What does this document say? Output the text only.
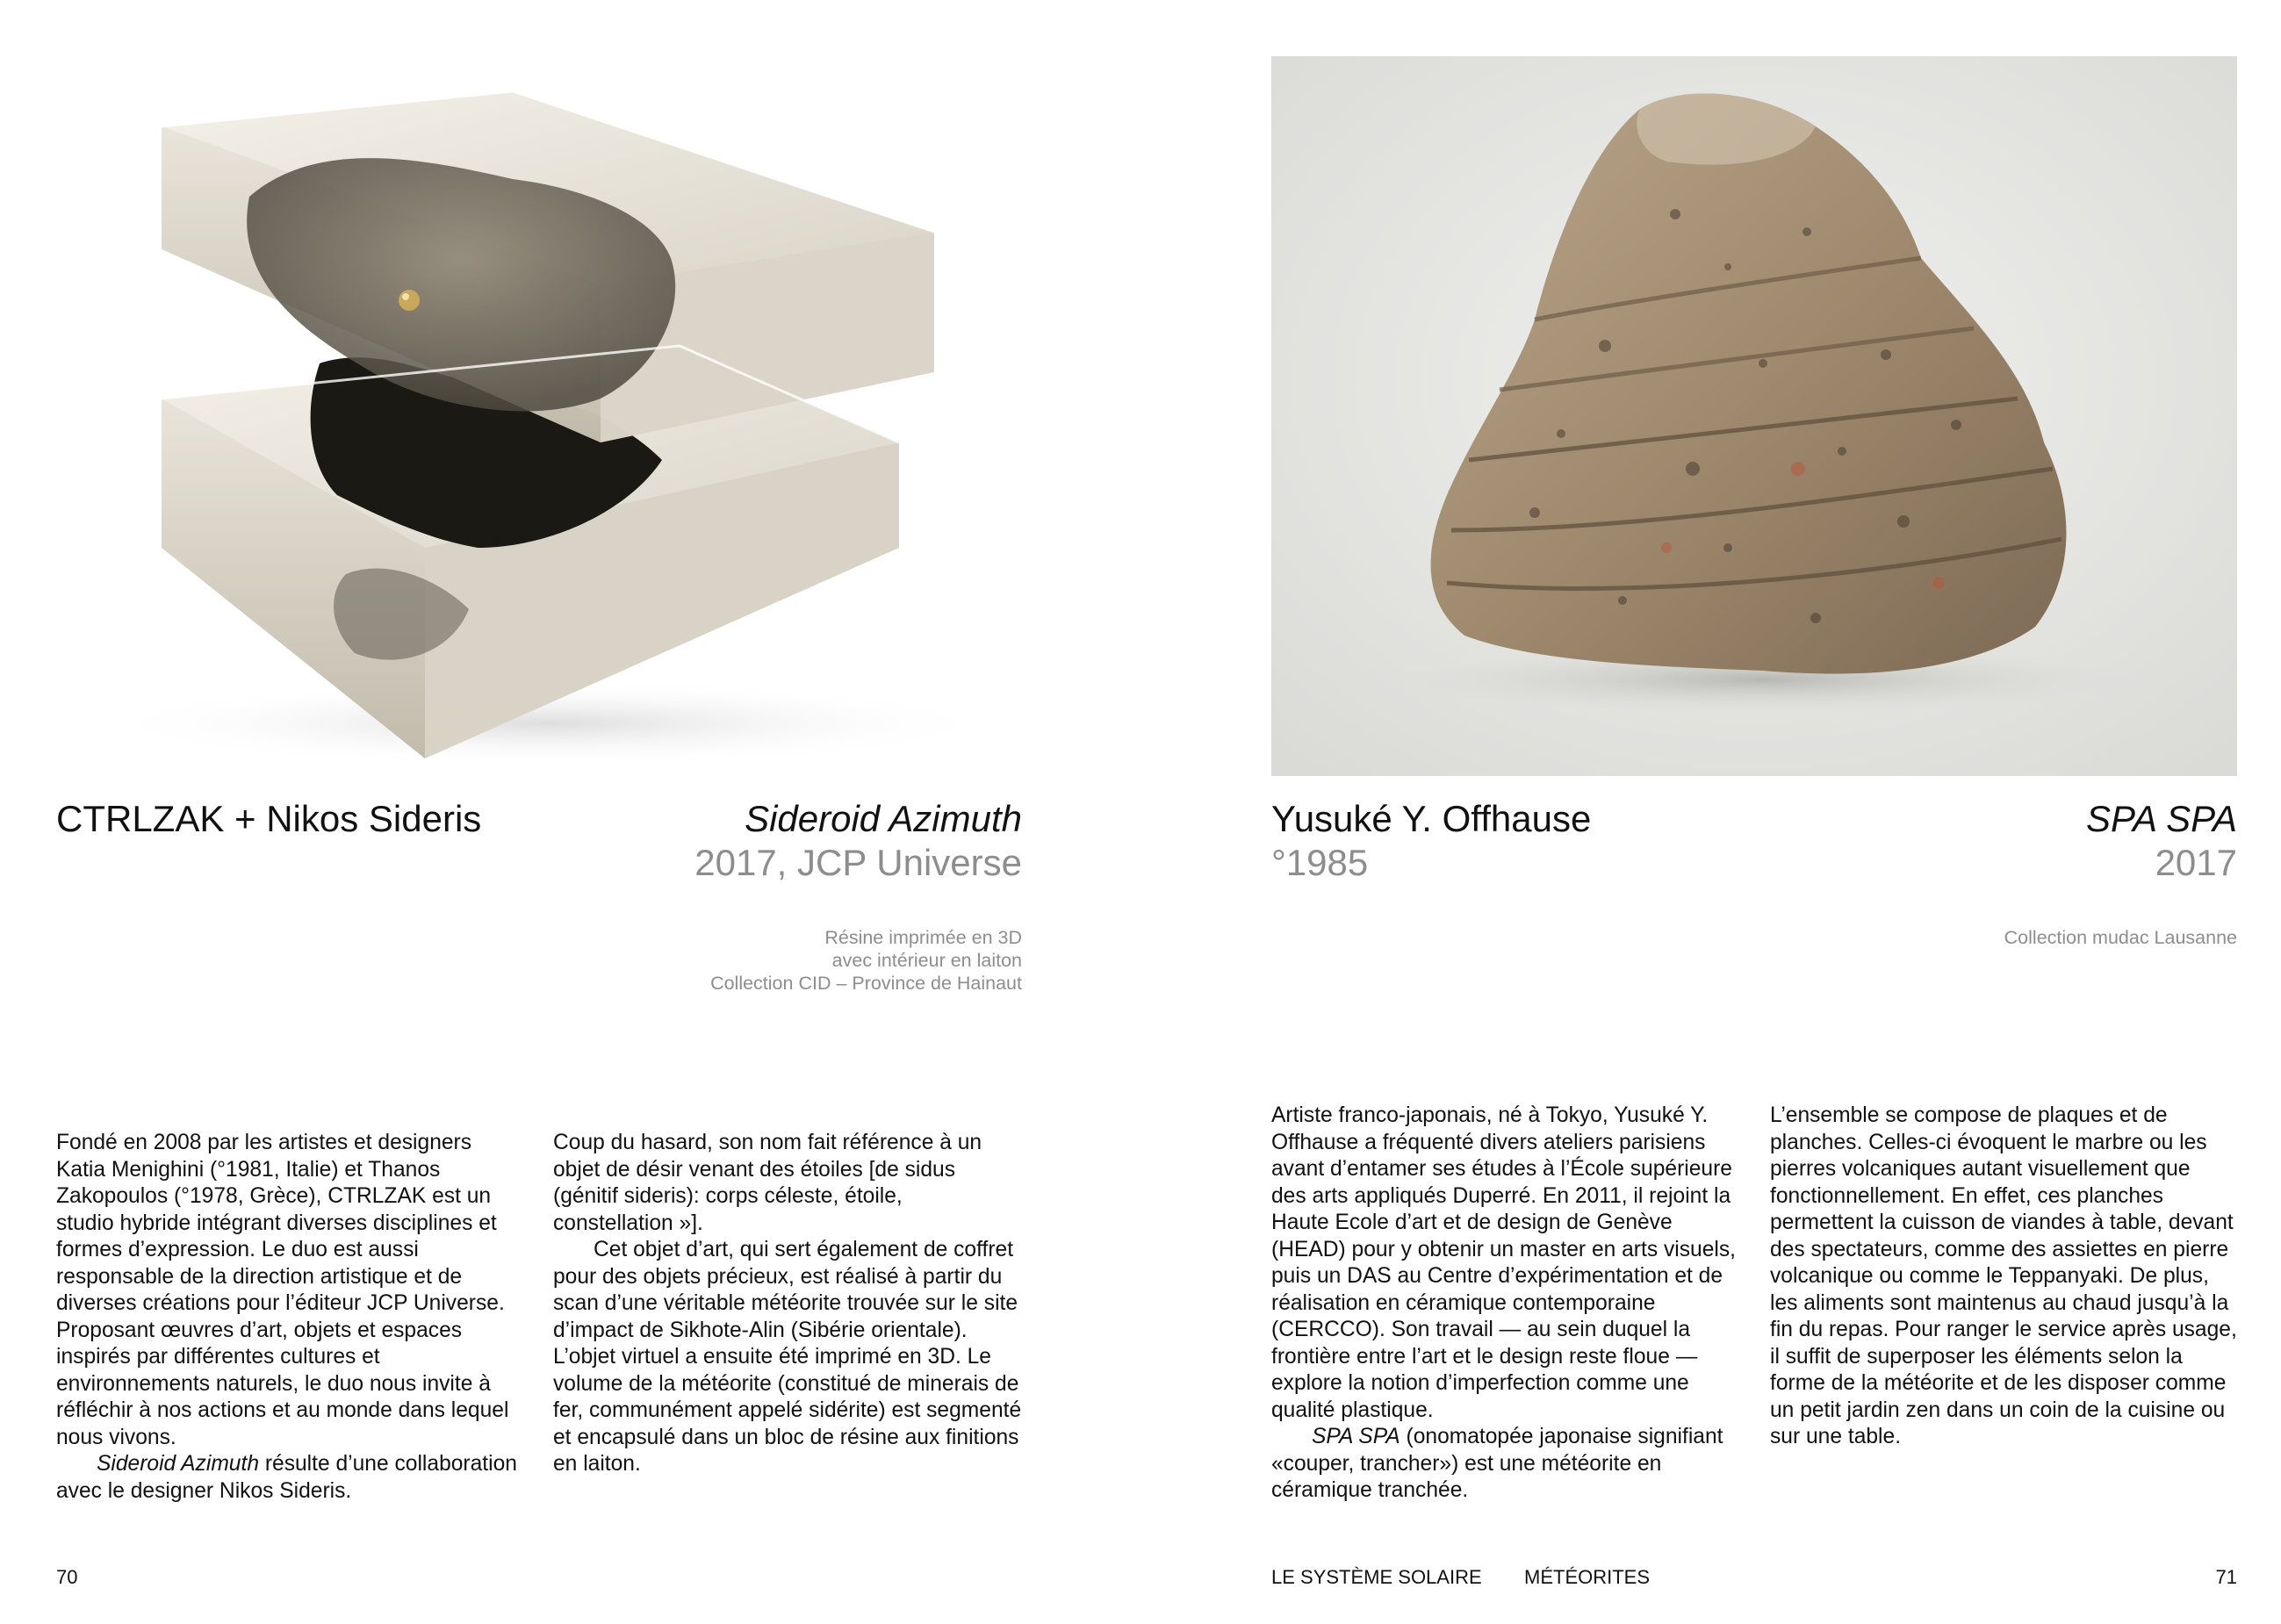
CTRLZAK + Nikos Sideris	Sideroid Azimuth
2017, JCP Universe
Résine imprimée en 3D
avec intérieur en laiton
Collection CID – Province de Hainaut

Fondé en 2008 par les artistes et designers Katia Menighini (°1981, Italie) et Thanos Zakopoulos (°1978, Grèce), CTRLZAK est un studio hybride intégrant diverses disciplines et formes d’expression. Le duo est aussi responsable de la direction artistique et de diverses créations pour l’éditeur JCP Universe. Proposant œuvres d’art, objets et espaces inspirés par différentes cultures et environnements naturels, le duo nous invite à réfléchir à nos actions et au monde dans lequel nous vivons.

Sideroid Azimuth résulte d’une collaboration avec le designer Nikos Sideris.

Coup du hasard, son nom fait référence à un objet de désir venant des étoiles [de sidus (génitif sideris): corps céleste, étoile, constellation »].

Cet objet d’art, qui sert également de coffret pour des objets précieux, est réalisé à partir du scan d’une véritable météorite trouvée sur le site d’impact de Sikhote-Alin (Sibérie orientale). L’objet virtuel a ensuite été imprimé en 3D. Le volume de la météorite (constitué de minerais de fer, communément appelé sidérite) est segmenté et encapsulé dans un bloc de résine aux finitions en laiton.

70
Yusuké Y. Offhause	SPA SPA
°1985	2017
Collection mudac Lausanne

Artiste franco-japonais, né à Tokyo, Yusuké Y. Offhause a fréquenté divers ateliers parisiens avant d’entamer ses études à l’École supérieure des arts appliqués Duperré. En 2011, il rejoint la Haute Ecole d’art et de design de Genève (HEAD) pour y obtenir un master en arts visuels, puis un DAS au Centre d’expérimentation et de réalisation en céramique contemporaine (CERCCO). Son travail — au sein duquel la frontière entre l’art et le design reste floue — explore la notion d’imperfection comme une qualité plastique.

SPA SPA (onomatopée japonaise signifiant «couper, trancher») est une météorite en céramique tranchée.

L’ensemble se compose de plaques et de planches. Celles-ci évoquent le marbre ou les pierres volcaniques autant visuellement que fonctionnellement. En effet, ces planches permettent la cuisson de viandes à table, devant des spectateurs, comme des assiettes en pierre volcanique ou comme le Teppanyaki. De plus, les aliments sont maintenus au chaud jusqu’à la fin du repas. Pour ranger le service après usage, il suffit de superposer les éléments selon la forme de la météorite et de les disposer comme un petit jardin zen dans un coin de la cuisine ou sur une table.

LE SYSTÈME SOLAIRE MÉTÉORITES	71
